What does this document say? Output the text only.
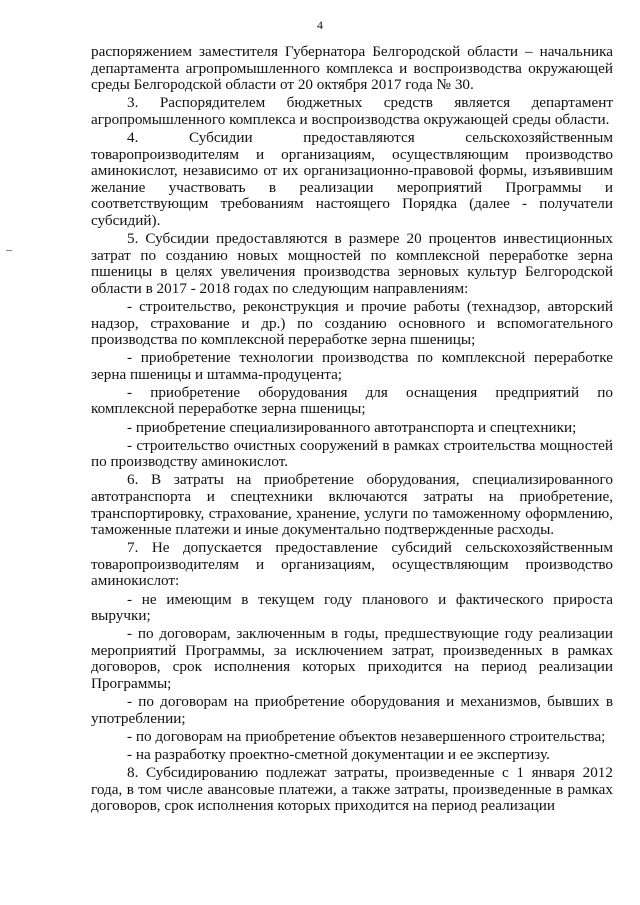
4

распоряжением заместителя Губернатора Белгородской области – начальника департамента агропромышленного комплекса и воспроизводства окружающей среды Белгородской области от 20 октября 2017 года № 30.

3. Распорядителем бюджетных средств является департамент агропромышленного комплекса и воспроизводства окружающей среды области.

4. Субсидии предоставляются сельскохозяйственным товаропроизводителям и организациям, осуществляющим производство аминокислот, независимо от их организационно-правовой формы, изъявившим желание участвовать в реализации мероприятий Программы и соответствующим требованиям настоящего Порядка (далее - получатели субсидий).

5. Субсидии предоставляются в размере 20 процентов инвестиционных затрат по созданию новых мощностей по комплексной переработке зерна пшеницы в целях увеличения производства зерновых культур Белгородской области в 2017 - 2018 годах по следующим направлениям:

- строительство, реконструкция и прочие работы (технадзор, авторский надзор, страхование и др.) по созданию основного и вспомогательного производства по комплексной переработке зерна пшеницы;

- приобретение технологии производства по комплексной переработке зерна пшеницы и штамма-продуцента;

- приобретение оборудования для оснащения предприятий по комплексной переработке зерна пшеницы;

- приобретение специализированного автотранспорта и спецтехники;

- строительство очистных сооружений в рамках строительства мощностей по производству аминокислот.

6. В затраты на приобретение оборудования, специализированного автотранспорта и спецтехники включаются затраты на приобретение, транспортировку, страхование, хранение, услуги по таможенному оформлению, таможенные платежи и иные документально подтвержденные расходы.

7. Не допускается предоставление субсидий сельскохозяйственным товаропроизводителям и организациям, осуществляющим производство аминокислот:

- не имеющим в текущем году планового и фактического прироста выручки;

- по договорам, заключенным в годы, предшествующие году реализации мероприятий Программы, за исключением затрат, произведенных в рамках договоров, срок исполнения которых приходится на период реализации Программы;

- по договорам на приобретение оборудования и механизмов, бывших в употреблении;

- по договорам на приобретение объектов незавершенного строительства;

- на разработку проектно-сметной документации и ее экспертизу.

8. Субсидированию подлежат затраты, произведенные с 1 января 2012 года, в том числе авансовые платежи, а также затраты, произведенные в рамках договоров, срок исполнения которых приходится на период реализации
